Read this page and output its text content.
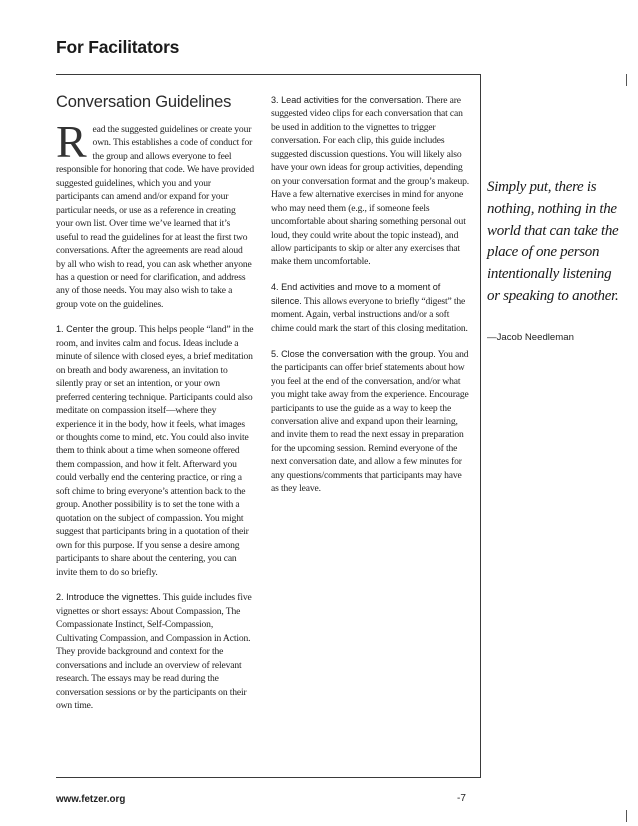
For Facilitators
Conversation Guidelines

Read the suggested guidelines or create your own. This establishes a code of conduct for the group and allows everyone to feel responsible for honoring that code. We have provided suggested guidelines, which you and your participants can amend and/or expand for your particular needs, or use as a reference in creating your own list. Over time we’ve learned that it’s useful to read the guidelines for at least the first two conversations. After the agreements are read aloud by all who wish to read, you can ask whether anyone has a question or need for clarification, and address any of those needs. You may also wish to take a group vote on the guidelines.

1. Center the group. This helps people “land” in the room, and invites calm and focus. Ideas include a minute of silence with closed eyes, a brief meditation on breath and body awareness, an invitation to silently pray or set an intention, or your own preferred centering technique. Participants could also meditate on compassion itself—where they experience it in the body, how it feels, what images or thoughts come to mind, etc. You could also invite them to think about a time when someone offered them compassion, and how it felt. Afterward you could verbally end the centering practice, or ring a soft chime to bring everyone’s attention back to the group. Another possibility is to set the tone with a quotation on the subject of compassion. You might suggest that participants bring in a quotation of their own for this purpose. If you sense a desire among participants to share about the centering, you can invite them to do so briefly.

2. Introduce the vignettes. This guide includes five vignettes or short essays: About Compassion, The Compassionate Instinct, Self-Compassion, Cultivating Compassion, and Compassion in Action. They provide background and context for the conversations and include an overview of relevant research. The essays may be read during the conversation sessions or by the participants on their own time.

3. Lead activities for the conversation. There are suggested video clips for each conversation that can be used in addition to the vignettes to trigger conversation. For each clip, this guide includes suggested discussion questions. You will likely also have your own ideas for group activities, depending on your conversation format and the group’s makeup. Have a few alternative exercises in mind for anyone who may need them (e.g., if someone feels uncomfortable about sharing something personal out loud, they could write about the topic instead), and allow participants to skip or alter any exercises that make them uncomfortable.

4. End activities and move to a moment of silence. This allows everyone to briefly “digest” the moment. Again, verbal instructions and/or a soft chime could mark the start of this closing meditation.

5. Close the conversation with the group. You and the participants can offer brief statements about how you feel at the end of the conversation, and/or what you might take away from the experience. Encourage participants to use the guide as a way to keep the conversation alive and expand upon their learning, and invite them to read the next essay in preparation for the upcoming session. Remind everyone of the next conversation date, and allow a few minutes for any questions/comments that participants may have as they leave.

Simply put, there is nothing, nothing in the world that can take the place of one person intentionally listening or speaking to another.
—Jacob Needleman
www.fetzer.org	-7
